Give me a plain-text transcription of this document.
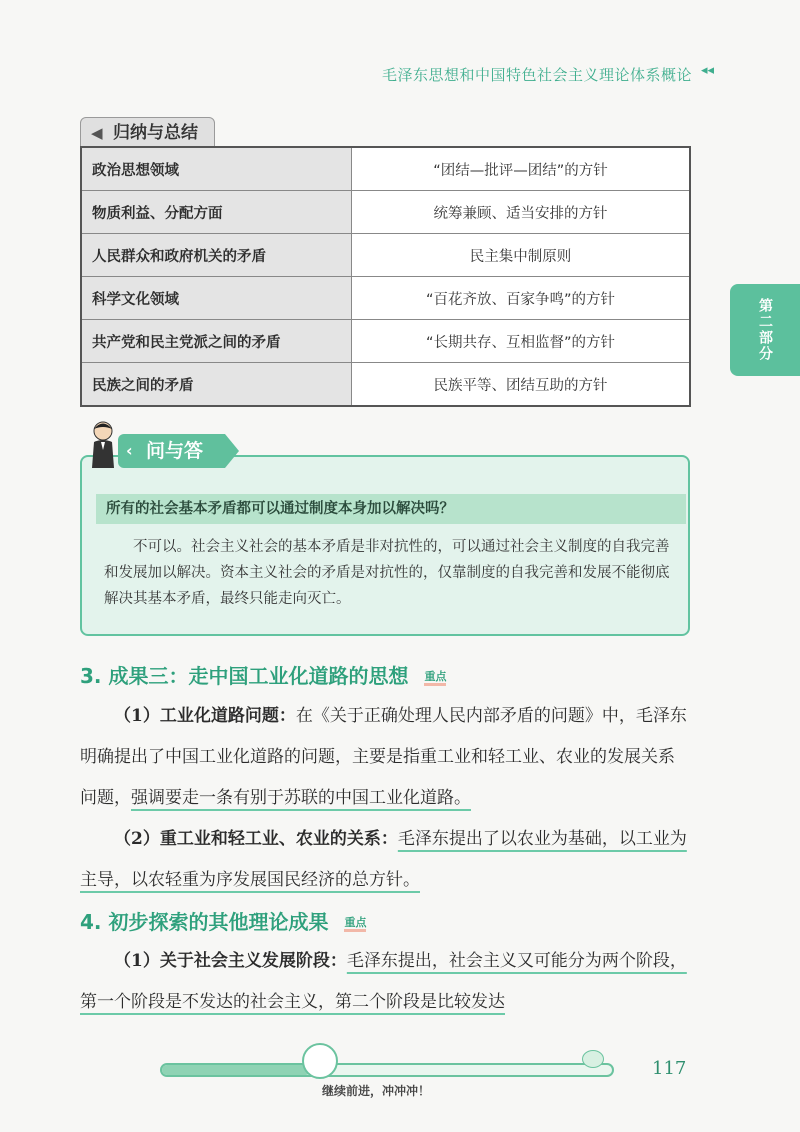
毛泽东思想和中国特色社会主义理论体系概论 ◂◂
第二部分
◀ 归纳与总结
政治思想领域	“团结—批评—团结”的方针
物质利益、分配方面	统筹兼顾、适当安排的方针
人民群众和政府机关的矛盾	民主集中制原则
科学文化领域	“百花齐放、百家争鸣”的方针
共产党和民主党派之间的矛盾	“长期共存、互相监督”的方针
民族之间的矛盾	民族平等、团结互助的方针
‹ 问与答
所有的社会基本矛盾都可以通过制度本身加以解决吗？
不可以。社会主义社会的基本矛盾是非对抗性的，可以通过社会主义制度的自我完善和发展加以解决。资本主义社会的矛盾是对抗性的，仅靠制度的自我完善和发展不能彻底解决其基本矛盾，最终只能走向灭亡。
3. 成果三：走中国工业化道路的思想 重点
（1）工业化道路问题：在《关于正确处理人民内部矛盾的问题》中，毛泽东明确提出了中国工业化道路的问题，主要是指重工业和轻工业、农业的发展关系问题，强调要走一条有别于苏联的中国工业化道路。
（2）重工业和轻工业、农业的关系：毛泽东提出了以农业为基础，以工业为主导，以农轻重为序发展国民经济的总方针。
4. 初步探索的其他理论成果 重点
（1）关于社会主义发展阶段：毛泽东提出，社会主义又可能分为两个阶段，第一个阶段是不发达的社会主义，第二个阶段是比较发达
117
继续前进，冲冲冲！
